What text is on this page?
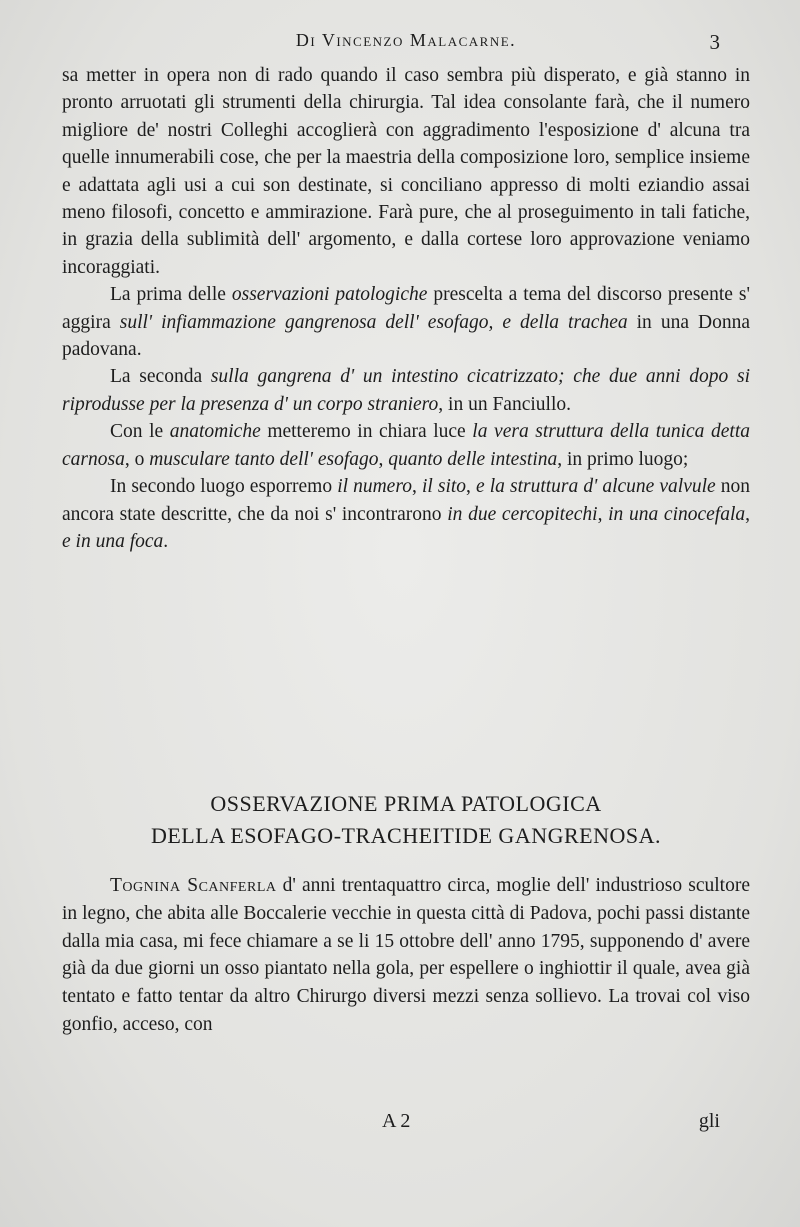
Di Vincenzo Malacarne.	3

sa metter in opera non di rado quando il caso sembra più disperato, e già stanno in pronto arruotati gli strumenti della chirurgia. Tal idea consolante farà, che il numero migliore de' nostri Colleghi accoglierà con aggradimento l'esposizione d' alcuna tra quelle innumerabili cose, che per la maestria della composizione loro, semplice insieme e adattata agli usi a cui son destinate, si conciliano appresso di molti eziandio assai meno filosofi, concetto e ammirazione. Farà pure, che al proseguimento in tali fatiche, in grazia della sublimità dell' argomento, e dalla cortese loro approvazione veniamo incoraggiati.

La prima delle osservazioni patologiche prescelta a tema del discorso presente s' aggira sull' infiammazione gangrenosa dell' esofago, e della trachea in una Donna padovana.

La seconda sulla gangrena d' un intestino cicatrizzato; che due anni dopo si riprodusse per la presenza d' un corpo straniero, in un Fanciullo.

Con le anatomiche metteremo in chiara luce la vera struttura della tunica detta carnosa, o musculare tanto dell' esofago, quanto delle intestina, in primo luogo;

In secondo luogo esporremo il numero, il sito, e la struttura d' alcune valvule non ancora state descritte, che da noi s' incontrarono in due cercopitechi, in una cinocefala, e in una foca.

OSSERVAZIONE PRIMA PATOLOGICA
DELLA ESOFAGO-TRACHEITIDE GANGRENOSA.

Tognina Scanferla d' anni trentaquattro circa, moglie dell' industrioso scultore in legno, che abita alle Boccalerie vecchie in questa città di Padova, pochi passi distante dalla mia casa, mi fece chiamare a se li 15 ottobre dell' anno 1795, supponendo d' avere già da due giorni un osso piantato nella gola, per espellere o inghiottir il quale, avea già tentato e fatto tentar da altro Chirurgo diversi mezzi senza sollievo. La trovai col viso gonfio, acceso, con

A 2	gli
